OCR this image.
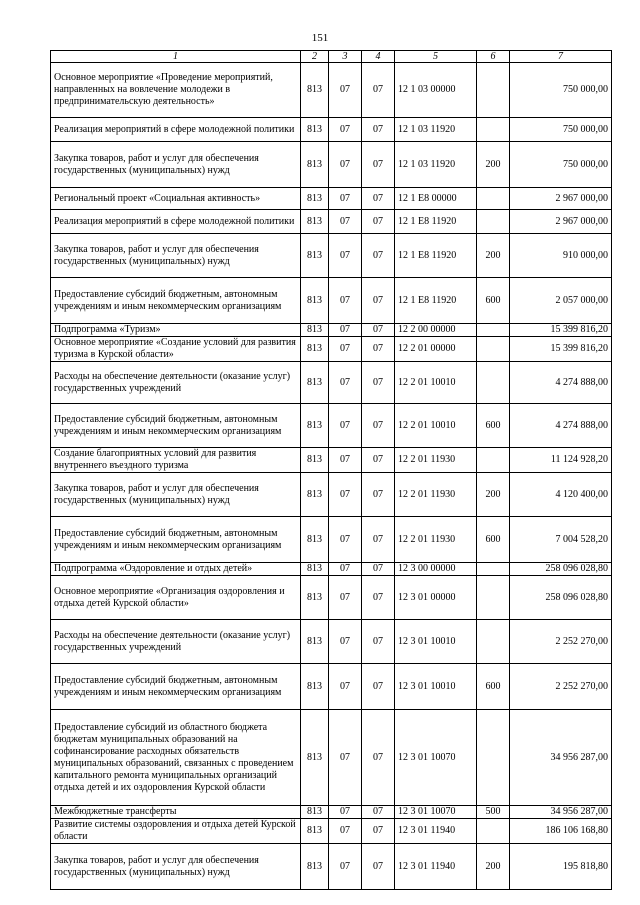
151
1	2	3	4	5	6	7
Основное мероприятие «Проведение мероприятий, направленных на вовлечение молодежи в предпринимательскую деятельность»	813	07	07	12 1 03 00000		750 000,00
Реализация мероприятий в сфере молодежной политики	813	07	07	12 1 03 11920		750 000,00
Закупка товаров, работ и услуг для обеспечения государственных (муниципальных) нужд	813	07	07	12 1 03 11920	200	750 000,00
Региональный проект «Социальная активность»	813	07	07	12 1 E8 00000		2 967 000,00
Реализация мероприятий в сфере молодежной политики	813	07	07	12 1 E8 11920		2 967 000,00
Закупка товаров, работ и услуг для обеспечения государственных (муниципальных) нужд	813	07	07	12 1 E8 11920	200	910 000,00
Предоставление субсидий бюджетным, автономным учреждениям и иным некоммерческим организациям	813	07	07	12 1 E8 11920	600	2 057 000,00
Подпрограмма «Туризм»	813	07	07	12 2 00 00000		15 399 816,20
Основное мероприятие «Создание условий для развития туризма в Курской области»	813	07	07	12 2 01 00000		15 399 816,20
Расходы на обеспечение деятельности (оказание услуг) государственных учреждений	813	07	07	12 2 01 10010		4 274 888,00
Предоставление субсидий бюджетным, автономным учреждениям и иным некоммерческим организациям	813	07	07	12 2 01 10010	600	4 274 888,00
Создание благоприятных условий для развития внутреннего въездного туризма	813	07	07	12 2 01 11930		11 124 928,20
Закупка товаров, работ и услуг для обеспечения государственных (муниципальных) нужд	813	07	07	12 2 01 11930	200	4 120 400,00
Предоставление субсидий бюджетным, автономным учреждениям и иным некоммерческим организациям	813	07	07	12 2 01 11930	600	7 004 528,20
Подпрограмма «Оздоровление и отдых детей»	813	07	07	12 3 00 00000		258 096 028,80
Основное мероприятие «Организация оздоровления и отдыха детей Курской области»	813	07	07	12 3 01 00000		258 096 028,80
Расходы на обеспечение деятельности (оказание услуг) государственных учреждений	813	07	07	12 3 01 10010		2 252 270,00
Предоставление субсидий бюджетным, автономным учреждениям и иным некоммерческим организациям	813	07	07	12 3 01 10010	600	2 252 270,00
Предоставление субсидий из областного бюджета бюджетам муниципальных образований на софинансирование расходных обязательств муниципальных образований, связанных с проведением капитального ремонта муниципальных организаций отдыха детей и их оздоровления Курской области	813	07	07	12 3 01 10070		34 956 287,00
Межбюджетные трансферты	813	07	07	12 3 01 10070	500	34 956 287,00
Развитие системы оздоровления и отдыха детей Курской области	813	07	07	12 3 01 11940		186 106 168,80
Закупка товаров, работ и услуг для обеспечения государственных (муниципальных) нужд	813	07	07	12 3 01 11940	200	195 818,80
